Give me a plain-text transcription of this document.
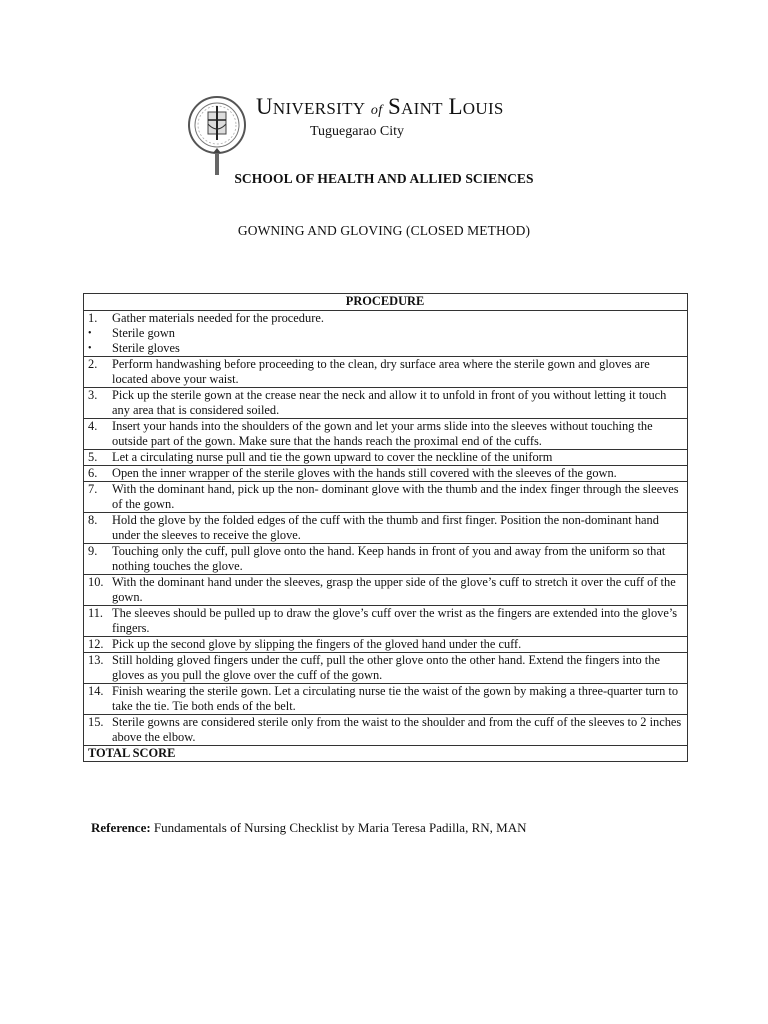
UNIVERSITY of SAINT LOUIS
Tuguegarao City
SCHOOL OF HEALTH AND ALLIED SCIENCES
GOWNING AND GLOVING (CLOSED METHOD)
PROCEDURE

1.	Gather materials needed for the procedure.
•	Sterile gown
•	Sterile gloves

2.	Perform handwashing before proceeding to the clean, dry surface area where the sterile gown and gloves are located above your waist.

3.	Pick up the sterile gown at the crease near the neck and allow it to unfold in front of you without letting it touch any area that is considered soiled.

4.	Insert your hands into the shoulders of the gown and let your arms slide into the sleeves without touching the outside part of the gown. Make sure that the hands reach the proximal end of the cuffs.

5.	Let a circulating nurse pull and tie the gown upward to cover the neckline of the uniform

6.	Open the inner wrapper of the sterile gloves with the hands still covered with the sleeves of the gown.

7.	With the dominant hand, pick up the non- dominant glove with the thumb and the index finger through the sleeves of the gown.

8.	Hold the glove by the folded edges of the cuff with the thumb and first finger. Position the non-dominant hand under the sleeves to receive the glove.

9.	Touching only the cuff, pull glove onto the hand. Keep hands in front of you and away from the uniform so that nothing touches the glove.

10. With the dominant hand under the sleeves, grasp the upper side of the glove’s cuff to stretch it over the cuff of the gown.

11. The sleeves should be pulled up to draw the glove’s cuff over the wrist as the fingers are extended into the glove’s fingers.

12. Pick up the second glove by slipping the fingers of the gloved hand under the cuff.

13. Still holding gloved fingers under the cuff, pull the other glove onto the other hand. Extend the fingers into the gloves as you pull the glove over the cuff of the gown.

14. Finish wearing the sterile gown. Let a circulating nurse tie the waist of the gown by making a three-quarter turn to take the tie. Tie both ends of the belt.

15. Sterile gowns are considered sterile only from the waist to the shoulder and from the cuff of the sleeves to 2 inches above the elbow.

TOTAL SCORE
Reference: Fundamentals of Nursing Checklist by Maria Teresa Padilla, RN, MAN
